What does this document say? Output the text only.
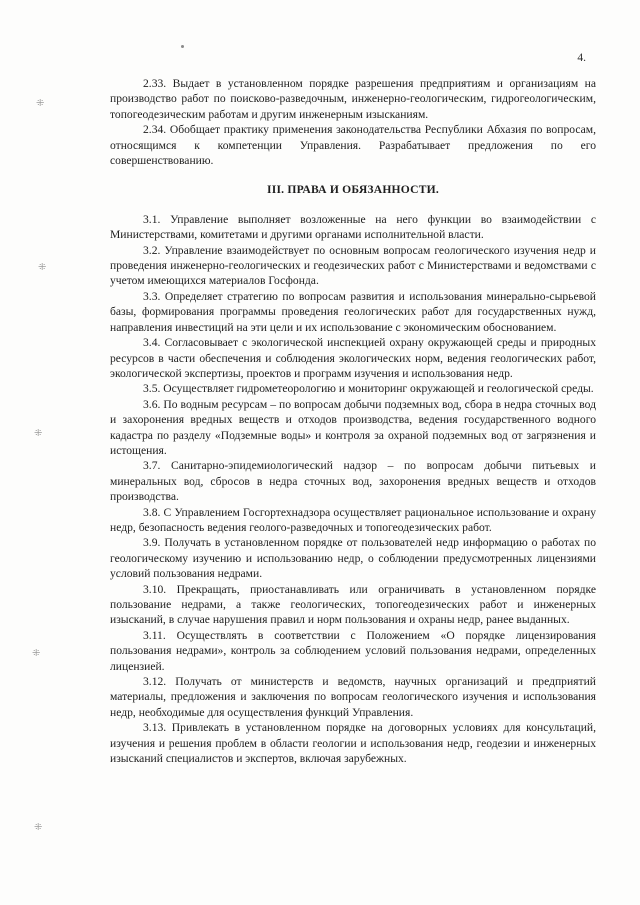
⁜
⁜
⁜
⁜
⁜
4.

2.33. Выдает в установленном порядке разрешения предприятиям и организациям на производство работ по поисково-разведочным, инженерно-геологическим, гидрогеологическим, топогеодезическим работам и другим инженерным изысканиям.

2.34. Обобщает практику применения законодательства Республики Абхазия по вопросам, относящимся к компетенции Управления. Разрабатывает предложения по его совершенствованию.

III. ПРАВА И ОБЯЗАННОСТИ.

3.1. Управление выполняет возложенные на него функции во взаимодействии с Министерствами, комитетами и другими органами исполнительной власти.

3.2. Управление взаимодействует по основным вопросам геологического изучения недр и проведения инженерно-геологических и геодезических работ с Министерствами и ведомствами с учетом имеющихся материалов Госфонда.

3.3. Определяет стратегию по вопросам развития и использования минерально-сырьевой базы, формирования программы проведения геологических работ для государственных нужд, направления инвестиций на эти цели и их использование с экономическим обоснованием.

3.4. Согласовывает с экологической инспекцией охрану окружающей среды и природных ресурсов в части обеспечения и соблюдения экологических норм, ведения геологических работ, экологической экспертизы, проектов и программ изучения и использования недр.

3.5. Осуществляет гидрометеорологию и мониторинг окружающей и геологической среды.

3.6. По водным ресурсам – по вопросам добычи подземных вод, сбора в недра сточных вод и захоронения вредных веществ и отходов производства, ведения государственного водного кадастра по разделу «Подземные воды» и контроля за охраной подземных вод от загрязнения и истощения.

3.7. Санитарно-эпидемиологический надзор – по вопросам добычи питьевых и минеральных вод, сбросов в недра сточных вод, захоронения вредных веществ и отходов производства.

3.8. С Управлением Госгортехнадзора осуществляет рациональное использование и охрану недр, безопасность ведения геолого-разведочных и топогеодезических работ.

3.9. Получать в установленном порядке от пользователей недр информацию о работах по геологическому изучению и использованию недр, о соблюдении предусмотренных лицензиями условий пользования недрами.

3.10. Прекращать, приостанавливать или ограничивать в установленном порядке пользование недрами, а также геологических, топогеодезических работ и инженерных изысканий, в случае нарушения правил и норм пользования и охраны недр, ранее выданных.

3.11. Осуществлять в соответствии с Положением «О порядке лицензирования пользования недрами», контроль за соблюдением условий пользования недрами, определенных лицензией.

3.12. Получать от министерств и ведомств, научных организаций и предприятий материалы, предложения и заключения по вопросам геологического изучения и использования недр, необходимые для осуществления функций Управления.

3.13. Привлекать в установленном порядке на договорных условиях для консультаций, изучения и решения проблем в области геологии и использования недр, геодезии и инженерных изысканий специалистов и экспертов, включая зарубежных.
